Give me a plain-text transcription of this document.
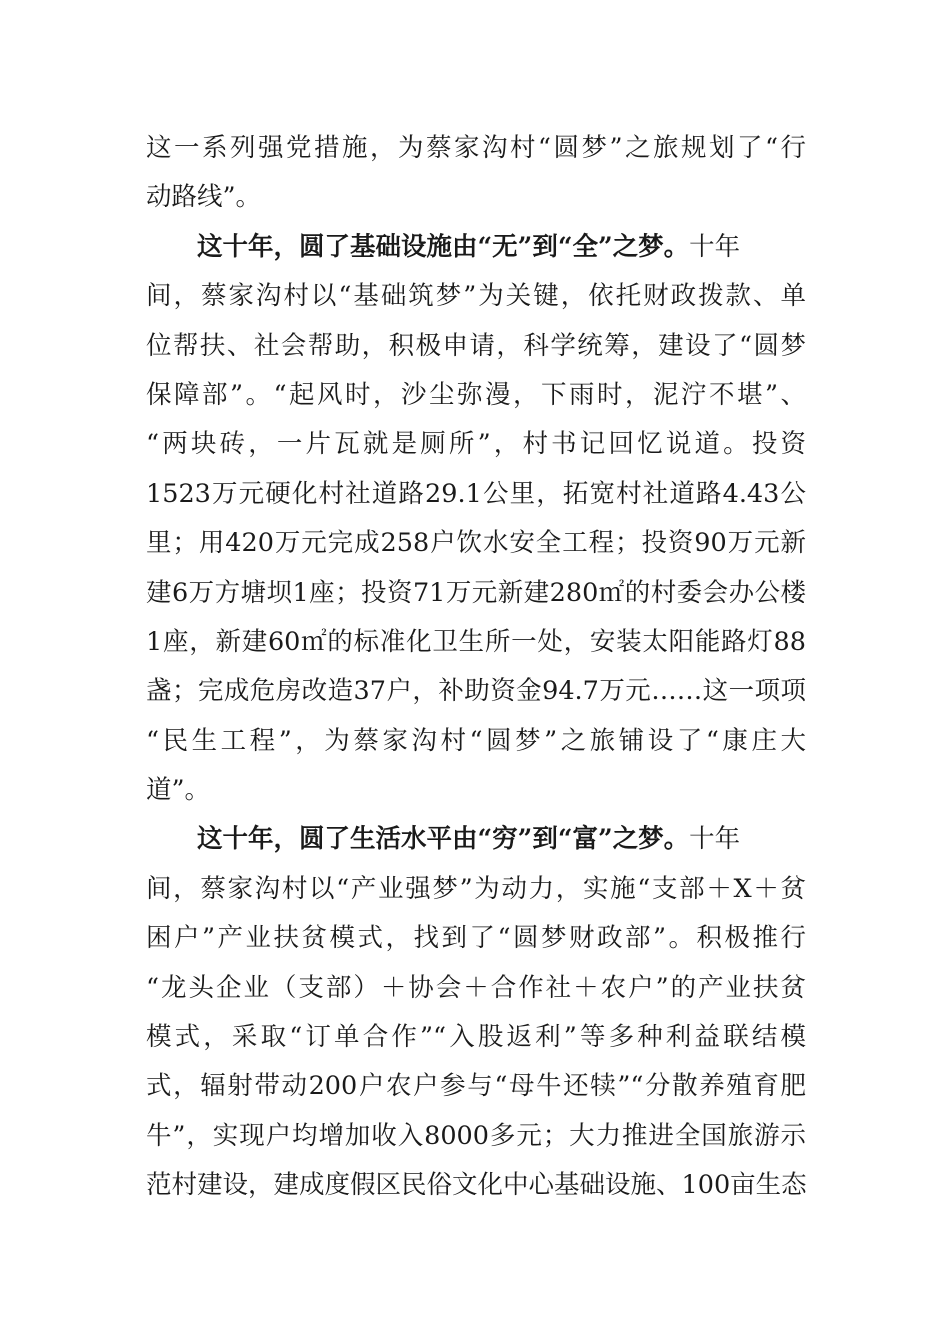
这一系列强党措施，为蔡家沟村“圆梦”之旅规划了“行
动路线”。
这十年，圆了基础设施由“无”到“全”之梦。十年
间，蔡家沟村以“基础筑梦”为关键，依托财政拨款、单
位帮扶、社会帮助，积极申请，科学统筹，建设了“圆梦
保障部”。“起风时，沙尘弥漫，下雨时，泥泞不堪”、
“两块砖，一片瓦就是厕所”，村书记回忆说道。投资
1523万元硬化村社道路29.1公里，拓宽村社道路4.43公
里；用420万元完成258户饮水安全工程；投资90万元新
建6万方塘坝1座；投资71万元新建280㎡的村委会办公楼
1座，新建60㎡的标准化卫生所一处，安装太阳能路灯88
盏；完成危房改造37户，补助资金94.7万元……这一项项
“民生工程”，为蔡家沟村“圆梦”之旅铺设了“康庄大
道”。
这十年，圆了生活水平由“穷”到“富”之梦。十年
间，蔡家沟村以“产业强梦”为动力，实施“支部＋X＋贫
困户”产业扶贫模式，找到了“圆梦财政部”。积极推行
“龙头企业（支部）＋协会＋合作社＋农户”的产业扶贫
模式，采取“订单合作”“入股返利”等多种利益联结模
式，辐射带动200户农户参与“母牛还犊”“分散养殖育肥
牛”，实现户均增加收入8000多元；大力推进全国旅游示
范村建设，建成度假区民俗文化中心基础设施、100亩生态
